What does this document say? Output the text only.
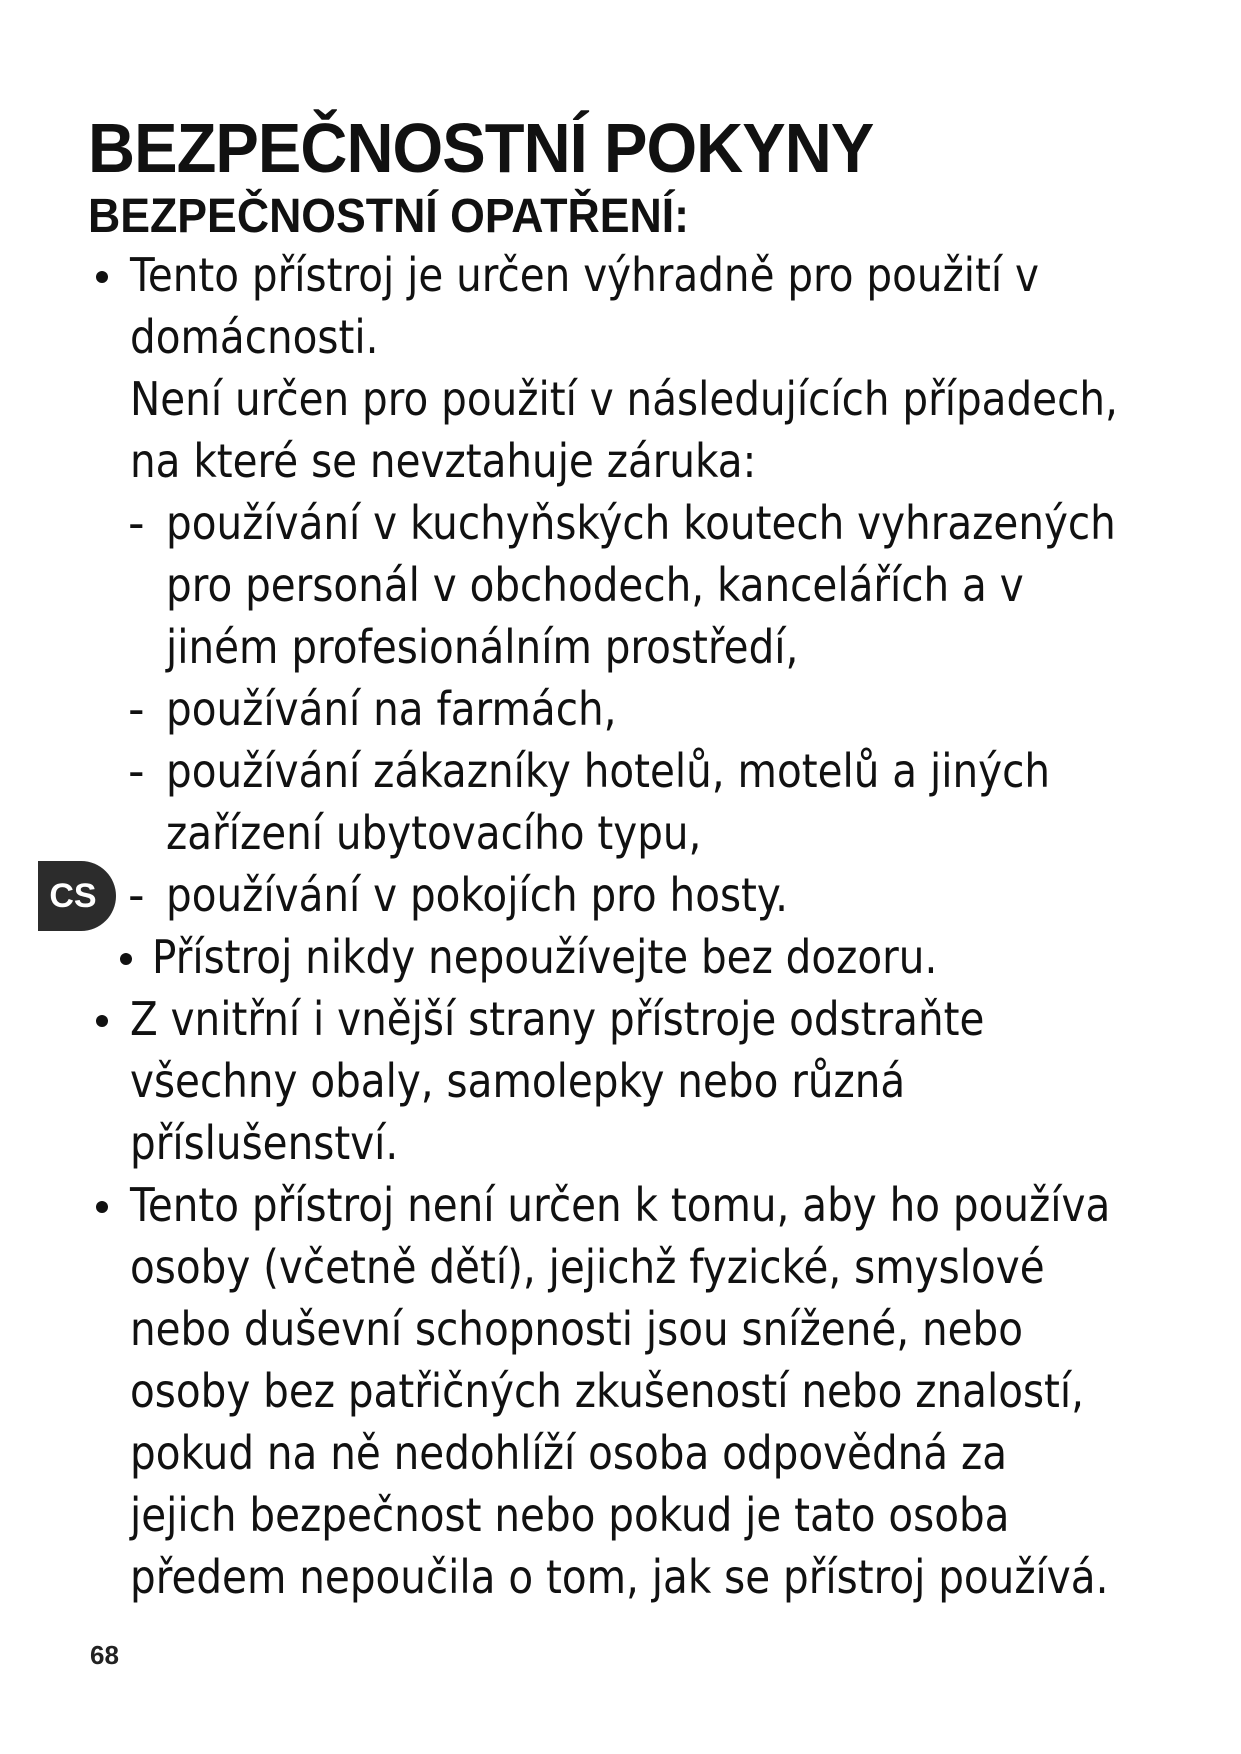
BEZPEČNOSTNÍ POKYNY
BEZPEČNOSTNÍ OPATŘENÍ:
Tento přístroj je určen výhradně pro použití v
domácnosti.
Není určen pro použití v následujících případech,
na které se nevztahuje záruka:
- používání v kuchyňských koutech vyhrazených
pro personál v obchodech, kancelářích a v
jiném profesionálním prostředí,
- používání na farmách,
- používání zákazníky hotelů, motelů a jiných
zařízení ubytovacího typu,
- používání v pokojích pro hosty.
Přístroj nikdy nepoužívejte bez dozoru.
Z vnitřní i vnější strany přístroje odstraňte
všechny obaly, samolepky nebo různá
příslušenství.
Tento přístroj není určen k tomu, aby ho používa
osoby (včetně dětí), jejichž fyzické, smyslové
nebo duševní schopnosti jsou snížené, nebo
osoby bez patřičných zkušeností nebo znalostí,
pokud na ně nedohlíží osoba odpovědná za
jejich bezpečnost nebo pokud je tato osoba
předem nepoučila o tom, jak se přístroj používá.
CS
68
